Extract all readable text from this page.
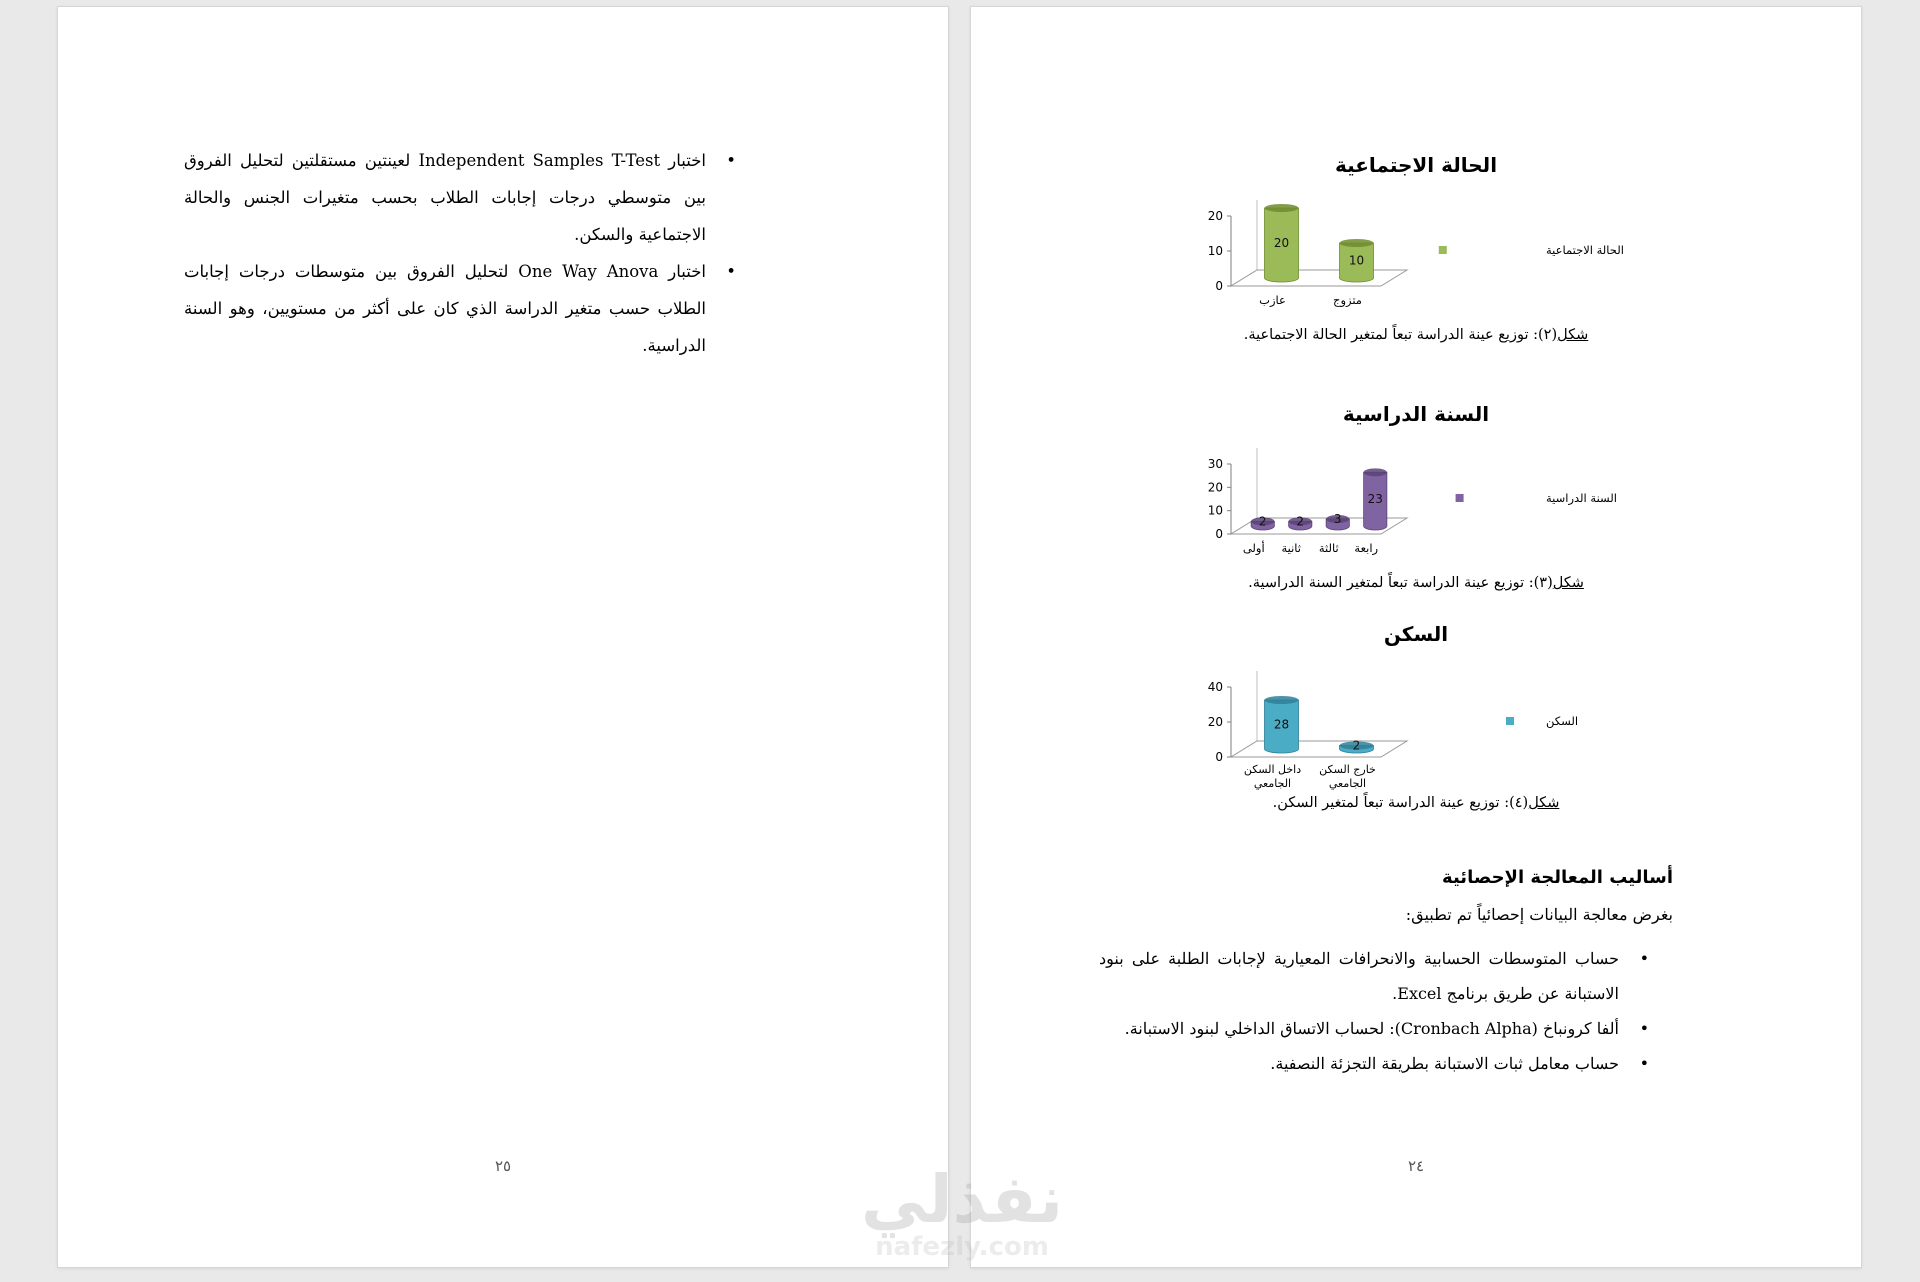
•
اختبار Independent Samples T-Test لعينتين مستقلتين لتحليل الفروق بين متوسطي درجات إجابات الطلاب بحسب متغيرات الجنس والحالة الاجتماعية والسكن.
•
اختبار One Way Anova لتحليل الفروق بين متوسطات درجات إجابات الطلاب حسب متغير الدراسة الذي كان على أكثر من مستويين، وهو السنة الدراسية.
٢٥
الحالة الاجتماعية
0
10
20
20
عازب
10
متزوج
الحالة الاجتماعية
شكل(٢): توزيع عينة الدراسة تبعاً لمتغير الحالة الاجتماعية.
السنة الدراسية
0
10
20
30
2
أولى
2
ثانية
3
ثالثة
23
رابعة
السنة الدراسية
شكل(٣): توزيع عينة الدراسة تبعاً لمتغير السنة الدراسية.
السكن
0
20
40
28
داخل السكن
الجامعي
2
خارج السكن
الجامعي
السكن
شكل(٤): توزيع عينة الدراسة تبعاً لمتغير السكن.
أساليب المعالجة الإحصائية
بغرض معالجة البيانات إحصائياً تم تطبيق:
•
حساب المتوسطات الحسابية والانحرافات المعيارية لإجابات الطلبة على بنود الاستبانة عن طريق برنامج Excel.
•
ألفا كرونباخ (Cronbach Alpha): لحساب الاتساق الداخلي لبنود الاستبانة.
•
حساب معامل ثبات الاستبانة بطريقة التجزئة النصفية.
٢٤
نفذلي
nafezly.com
